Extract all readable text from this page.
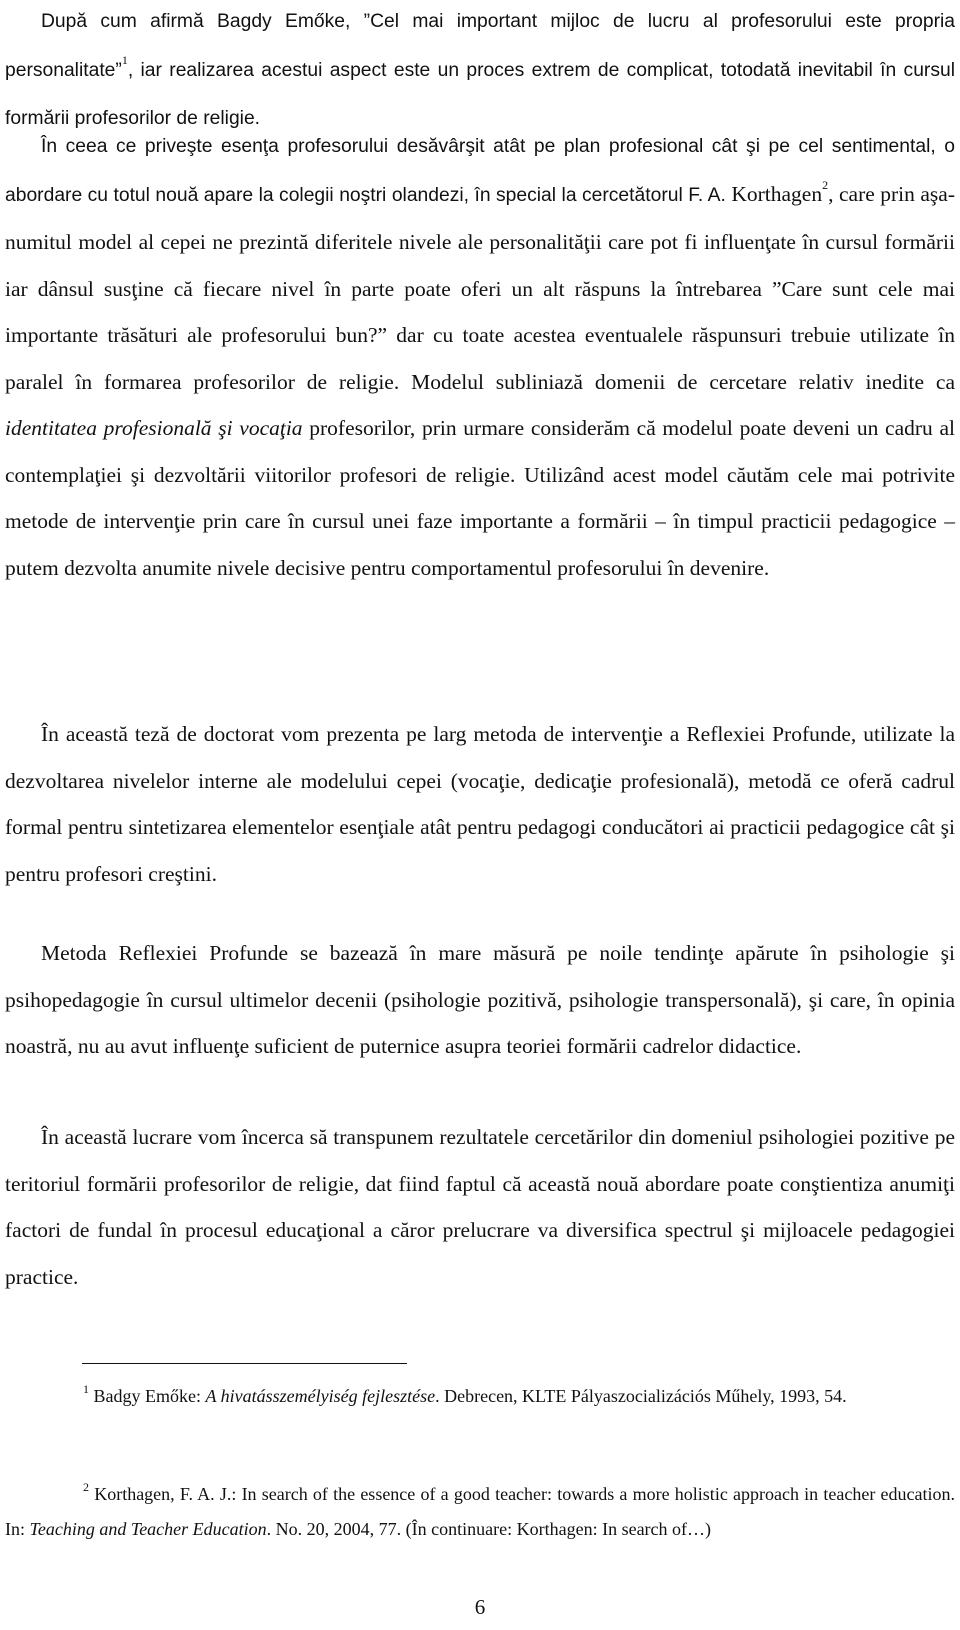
După cum afirmă Bagdy Emőke, ”Cel mai important mijloc de lucru al profesorului este propria personalitate”$^1$, iar realizarea acestui aspect este un proces extrem de complicat, totodată inevitabil în cursul formării profesorilor de religie.

În ceea ce priveşte esenţa profesorului desăvârşit atât pe plan profesional cât şi pe cel sentimental, o abordare cu totul nouă apare la colegii noştri olandezi, în special la cercetătorul F. A. Korthagen$^2$, care prin aşa-numitul model al cepei ne prezintă diferitele nivele ale personalităţii care pot fi influenţate în cursul formării iar dânsul susţine că fiecare nivel în parte poate oferi un alt răspuns la întrebarea ”Care sunt cele mai importante trăsături ale profesorului bun?” dar cu toate acestea eventualele răspunsuri trebuie utilizate în paralel în formarea profesorilor de religie. Modelul subliniază domenii de cercetare relativ inedite ca identitatea profesională şi vocaţia profesorilor, prin urmare considerăm că modelul poate deveni un cadru al contemplaţiei şi dezvoltării viitorilor profesori de religie. Utilizând acest model căutăm cele mai potrivite metode de intervenţie prin care în cursul unei faze importante a formării – în timpul practicii pedagogice – putem dezvolta anumite nivele decisive pentru comportamentul profesorului în devenire.

În această teză de doctorat vom prezenta pe larg metoda de intervenţie a Reflexiei Profunde, utilizate la dezvoltarea nivelelor interne ale modelului cepei (vocaţie, dedicaţie profesională), metodă ce oferă cadrul formal pentru sintetizarea elementelor esenţiale atât pentru pedagogi conducători ai practicii pedagogice cât şi pentru profesori creştini.

Metoda Reflexiei Profunde se bazează în mare măsură pe noile tendinţe apărute în psihologie şi psihopedagogie în cursul ultimelor decenii (psihologie pozitivă, psihologie transpersonală), şi care, în opinia noastră, nu au avut influenţe suficient de puternice asupra teoriei formării cadrelor didactice.

În această lucrare vom încerca să transpunem rezultatele cercetărilor din domeniul psihologiei pozitive pe teritoriul formării profesorilor de religie, dat fiind faptul că această nouă abordare poate conştientiza anumiţi factori de fundal în procesul educaţional a căror prelucrare va diversifica spectrul şi mijloacele pedagogiei practice.

$^1$ Badgy Emőke: A hivatásszemélyiség fejlesztése. Debrecen, KLTE Pályaszocializációs Műhely, 1993, 54.

$^2$ Korthagen, F. A. J.: In search of the essence of a good teacher: towards a more holistic approach in teacher education. In: Teaching and Teacher Education. No. 20, 2004, 77. (În continuare: Korthagen: In search of…)

6
